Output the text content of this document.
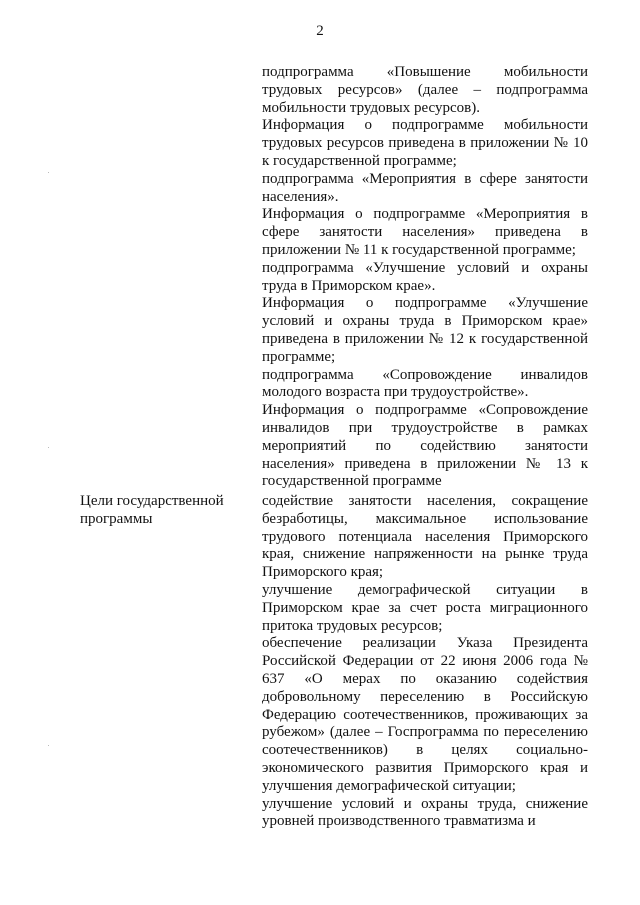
2

подпрограмма «Повышение мобильности трудовых ресурсов» (далее – подпрограмма мобильности трудовых ресурсов).

Информация о подпрограмме мобильности трудовых ресурсов приведена в приложении № 10 к государственной программе;

подпрограмма «Мероприятия в сфере занятости населения».

Информация о подпрограмме «Мероприятия в сфере занятости населения» приведена в приложении № 11 к государственной программе;

подпрограмма «Улучшение условий и охраны труда в Приморском крае».

Информация о подпрограмме «Улучшение условий и охраны труда в Приморском крае» приведена в приложении № 12 к государственной программе;

подпрограмма «Сопровождение инвалидов молодого возраста при трудоустройстве».

Информация о подпрограмме «Сопровождение инвалидов при трудоустройстве в рамках мероприятий по содействию занятости населения» приведена в приложении № 13 к государственной программе

Цели государственной программы

содействие занятости населения, сокращение безработицы, максимальное использование трудового потенциала населения Приморского края, снижение напряженности на рынке труда Приморского края;

улучшение демографической ситуации в Приморском крае за счет роста миграционного притока трудовых ресурсов;

обеспечение реализации Указа Президента Российской Федерации от 22 июня 2006 года № 637 «О мерах по оказанию содействия добровольному переселению в Российскую Федерацию соотечественников, проживающих за рубежом» (далее – Госпрограмма по переселению соотечественников) в целях социально-экономического развития Приморского края и улучшения демографической ситуации;

улучшение условий и охраны труда, снижение уровней производственного травматизма и
